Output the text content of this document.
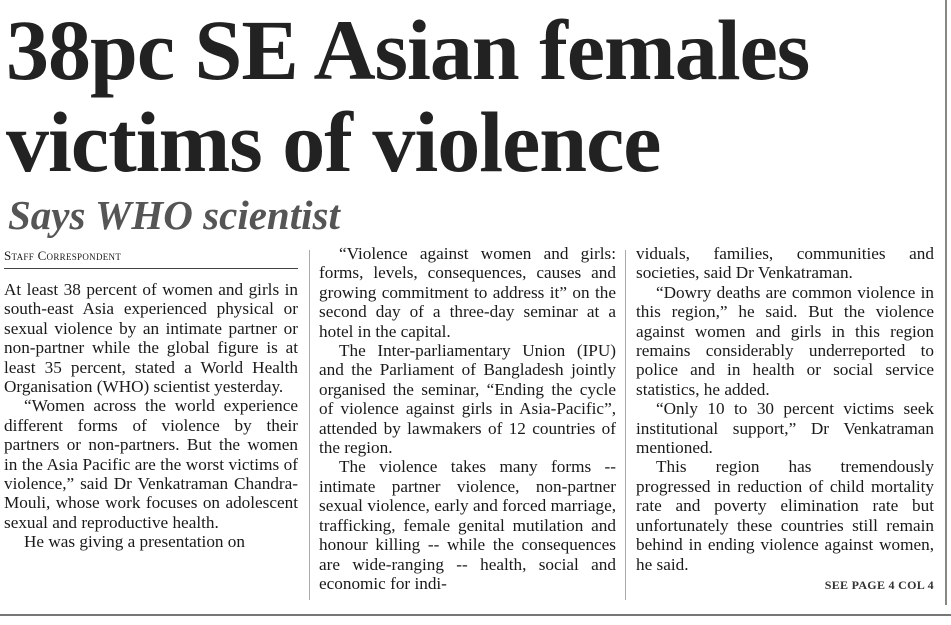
38pc SE Asian females victims of violence
Says WHO scientist
Staff Correspondent

At least 38 percent of women and girls in south-east Asia experienced physical or sexual violence by an intimate partner or non-partner while the global figure is at least 35 percent, stated a World Health Organisation (WHO) scientist yesterday.

“Women across the world experience different forms of violence by their partners or non-partners. But the women in the Asia Pacific are the worst victims of violence,” said Dr Venkatraman Chandra-Mouli, whose work focuses on adolescent sexual and reproductive health.

He was giving a presentation on

“Violence against women and girls: forms, levels, consequences, causes and growing commitment to address it” on the second day of a three-day seminar at a hotel in the capital.

The Inter-parliamentary Union (IPU) and the Parliament of Bangladesh jointly organised the seminar, “Ending the cycle of violence against girls in Asia-Pacific”, attended by lawmakers of 12 countries of the region.

The violence takes many forms -- intimate partner violence, non-partner sexual violence, early and forced marriage, trafficking, female genital mutilation and honour killing -- while the consequences are wide-ranging -- health, social and economic for indi-

viduals, families, communities and societies, said Dr Venkatraman.

“Dowry deaths are common violence in this region,” he said. But the violence against women and girls in this region remains considerably underreported to police and in health or social service statistics, he added.

“Only 10 to 30 percent victims seek institutional support,” Dr Venkatraman mentioned.

This region has tremendously progressed in reduction of child mortality rate and poverty elimination rate but unfortunately these countries still remain behind in ending violence against women, he said.

SEE PAGE 4 COL 4
